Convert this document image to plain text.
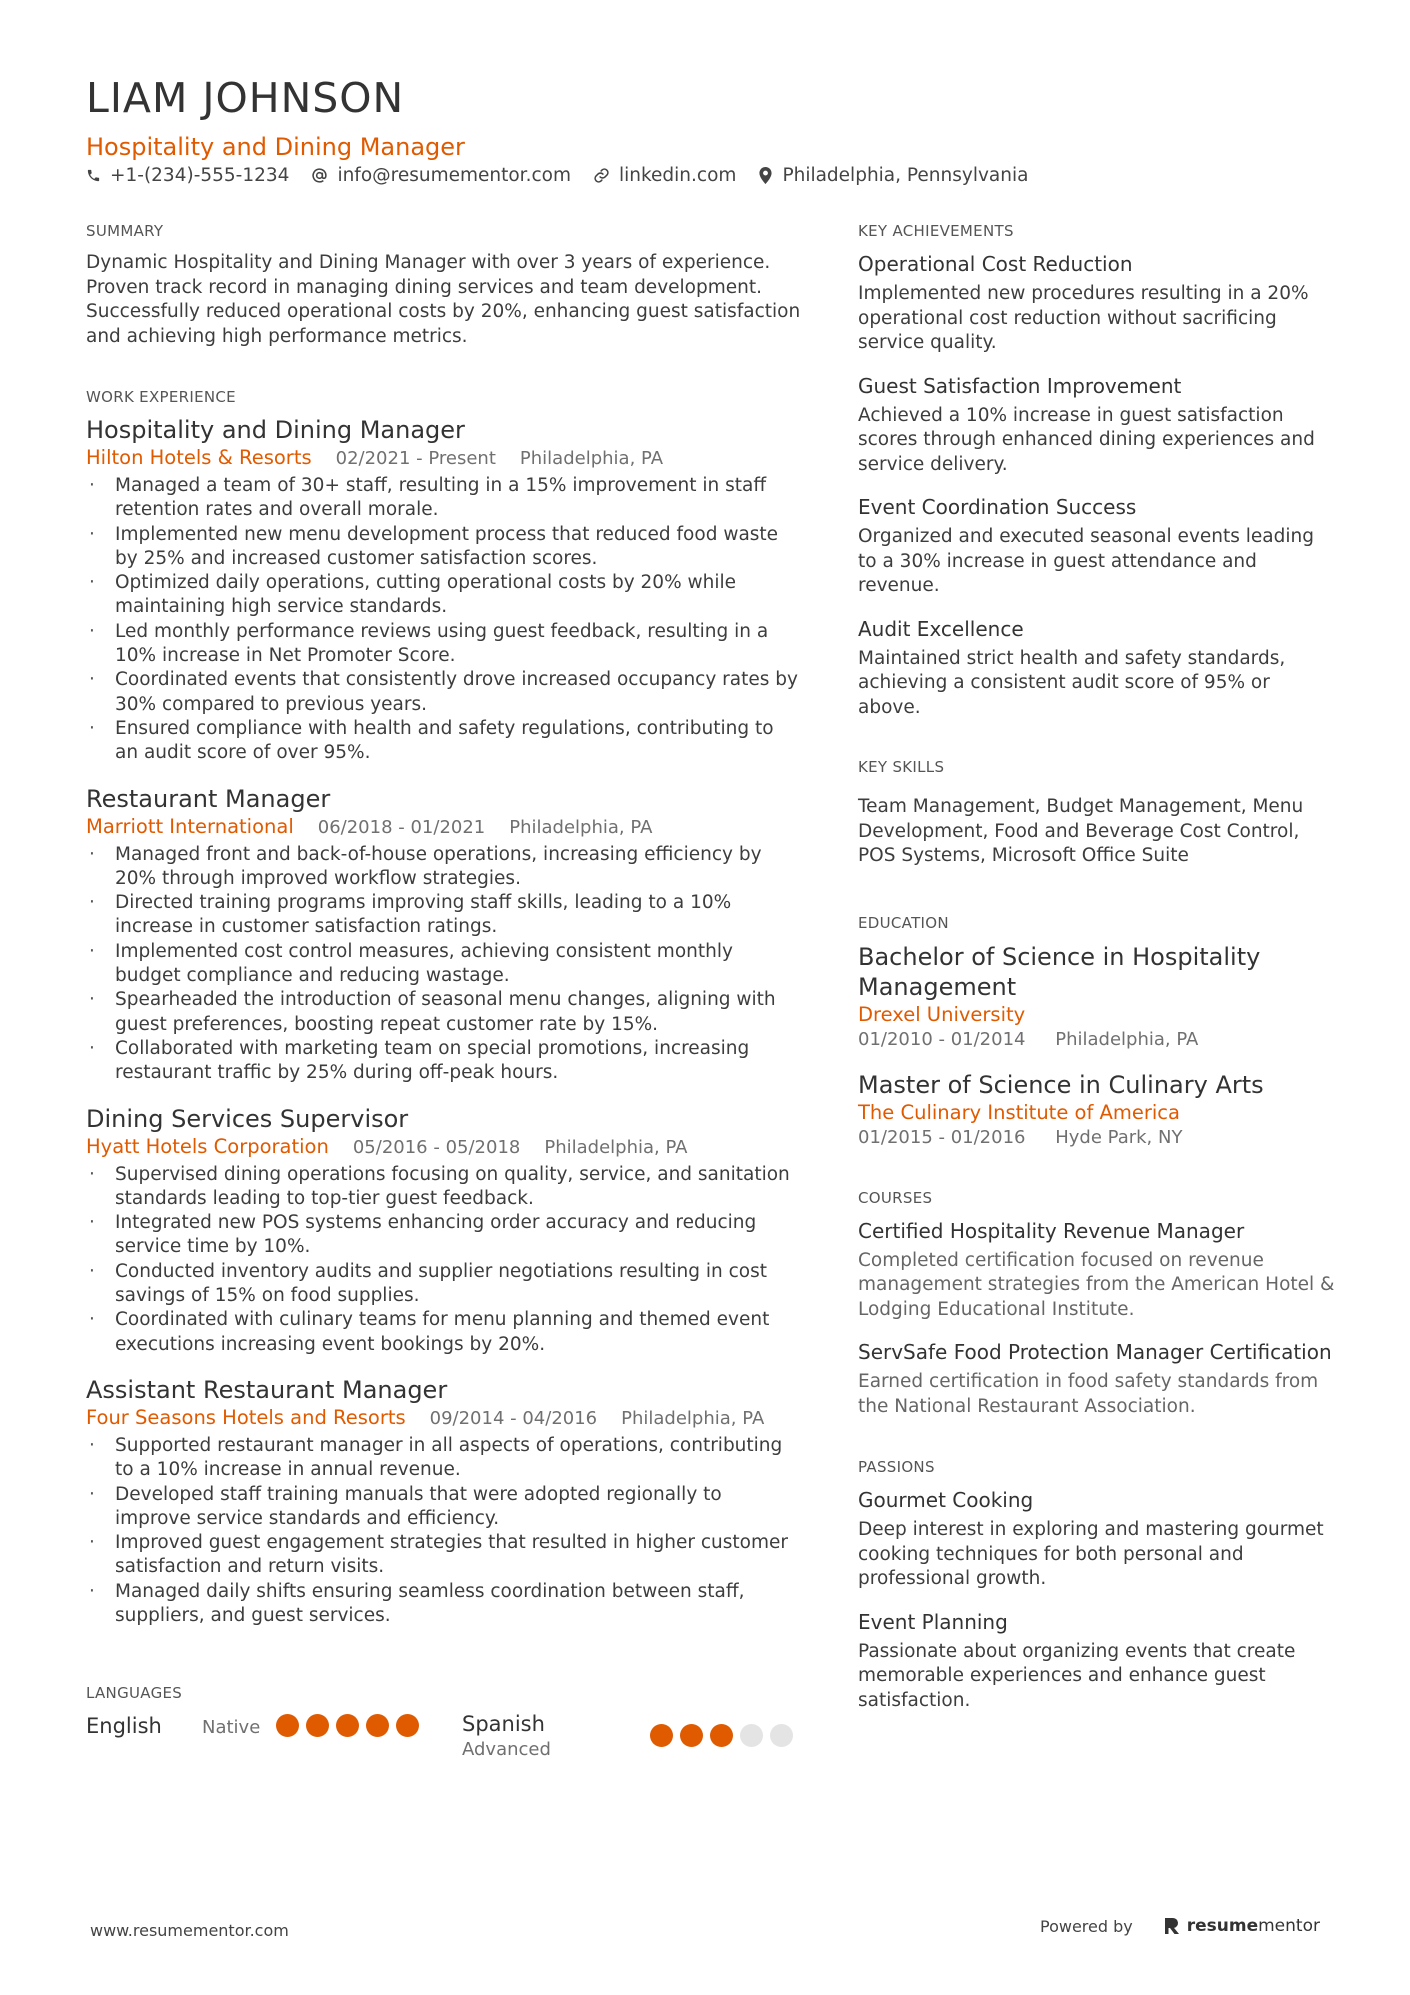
LIAM JOHNSON
Hospitality and Dining Manager
+1-(234)-555-1234	info@resumementor.com	linkedin.com Philadelphia, Pennsylvania
SUMMARY
Dynamic Hospitality and Dining Manager with over 3 years of experience. Proven track record in managing dining services and team development. Successfully reduced operational costs by 20%, enhancing guest satisfaction and achieving high performance metrics.
WORK EXPERIENCE
Hospitality and Dining Manager
Hilton Hotels & Resorts 02/2021 - Present Philadelphia, PA
· Managed a team of 30+ staff, resulting in a 15% improvement in staff retention rates and overall morale.
· Implemented new menu development process that reduced food waste by 25% and increased customer satisfaction scores.
· Optimized daily operations, cutting operational costs by 20% while maintaining high service standards.
· Led monthly performance reviews using guest feedback, resulting in a 10% increase in Net Promoter Score.
· Coordinated events that consistently drove increased occupancy rates by 30% compared to previous years.
· Ensured compliance with health and safety regulations, contributing to an audit score of over 95%.
Restaurant Manager
Marriott International 06/2018 - 01/2021 Philadelphia, PA
· Managed front and back-of-house operations, increasing efficiency by 20% through improved workflow strategies.
· Directed training programs improving staff skills, leading to a 10% increase in customer satisfaction ratings.
· Implemented cost control measures, achieving consistent monthly budget compliance and reducing wastage.
· Spearheaded the introduction of seasonal menu changes, aligning with guest preferences, boosting repeat customer rate by 15%.
· Collaborated with marketing team on special promotions, increasing restaurant traffic by 25% during off-peak hours.
Dining Services Supervisor
Hyatt Hotels Corporation 05/2016 - 05/2018 Philadelphia, PA
· Supervised dining operations focusing on quality, service, and sanitation standards leading to top-tier guest feedback.
· Integrated new POS systems enhancing order accuracy and reducing service time by 10%.
· Conducted inventory audits and supplier negotiations resulting in cost savings of 15% on food supplies.
· Coordinated with culinary teams for menu planning and themed event executions increasing event bookings by 20%.
Assistant Restaurant Manager
Four Seasons Hotels and Resorts 09/2014 - 04/2016 Philadelphia, PA
· Supported restaurant manager in all aspects of operations, contributing to a 10% increase in annual revenue.
· Developed staff training manuals that were adopted regionally to improve service standards and efficiency.
· Improved guest engagement strategies that resulted in higher customer satisfaction and return visits.
· Managed daily shifts ensuring seamless coordination between staff, suppliers, and guest services.
LANGUAGES
English Native	Spanish
Advanced
KEY ACHIEVEMENTS
Operational Cost Reduction
Implemented new procedures resulting in a 20% operational cost reduction without sacrificing service quality.
Guest Satisfaction Improvement
Achieved a 10% increase in guest satisfaction scores through enhanced dining experiences and service delivery.
Event Coordination Success
Organized and executed seasonal events leading to a 30% increase in guest attendance and revenue.
Audit Excellence
Maintained strict health and safety standards, achieving a consistent audit score of 95% or above.
KEY SKILLS
Team Management, Budget Management, Menu Development, Food and Beverage Cost Control, POS Systems, Microsoft Office Suite
EDUCATION
Bachelor of Science in Hospitality Management
Drexel University
01/2010 - 01/2014 Philadelphia, PA
Master of Science in Culinary Arts
The Culinary Institute of America
01/2015 - 01/2016 Hyde Park, NY
COURSES
Certified Hospitality Revenue Manager
Completed certification focused on revenue management strategies from the American Hotel & Lodging Educational Institute.
ServSafe Food Protection Manager Certification
Earned certification in food safety standards from the National Restaurant Association.
PASSIONS
Gourmet Cooking
Deep interest in exploring and mastering gourmet cooking techniques for both personal and professional growth.
Event Planning
Passionate about organizing events that create memorable experiences and enhance guest satisfaction.
www.resumementor.com	Powered by	resume mentor
